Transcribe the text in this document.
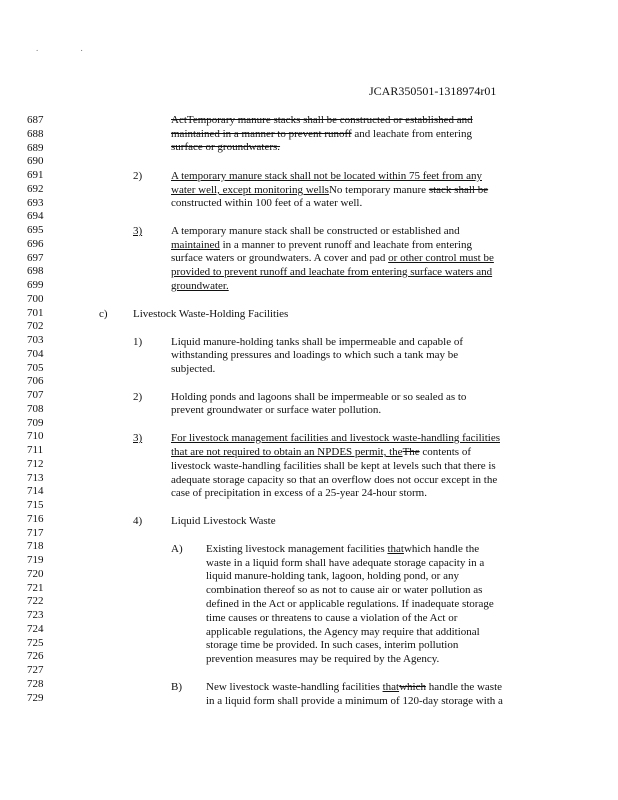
. .
JCAR350501-1318974r01
687
688
689
690
691
692
693
694
695
696
697
698
699
700
701
702
703
704
705
706
707
708
709
710
711
712
713
714
715
716
717
718
719
720
721
722
723
724
725
726
727
728
729
ActTemporary manure stacks shall be constructed or established and
maintained in a manner to prevent runoff and leachate from entering
surface or groundwaters.
2)	A temporary manure stack shall not be located within 75 feet from any
water well, except monitoring wellsNo temporary manure stack shall be
constructed within 100 feet of a water well.
3)	A temporary manure stack shall be constructed or established and
maintained in a manner to prevent runoff and leachate from entering
surface waters or groundwaters. A cover and pad or other control must be
provided to prevent runoff and leachate from entering surface waters and
groundwater.
c) Livestock Waste-Holding Facilities
1)	Liquid manure-holding tanks shall be impermeable and capable of
withstanding pressures and loadings to which such a tank may be
subjected.
2)	Holding ponds and lagoons shall be impermeable or so sealed as to
prevent groundwater or surface water pollution.
3)	For livestock management facilities and livestock waste-handling facilities
that are not required to obtain an NPDES permit, theThe contents of
livestock waste-handling facilities shall be kept at levels such that there is
adequate storage capacity so that an overflow does not occur except in the
case of precipitation in excess of a 25-year 24-hour storm.
4)	Liquid Livestock Waste
A) Existing livestock management facilities thatwhich handle the
waste in a liquid form shall have adequate storage capacity in a
liquid manure-holding tank, lagoon, holding pond, or any
combination thereof so as not to cause air or water pollution as
defined in the Act or applicable regulations. If inadequate storage
time causes or threatens to cause a violation of the Act or
applicable regulations, the Agency may require that additional
storage time be provided. In such cases, interim pollution
prevention measures may be required by the Agency.
B) New livestock waste-handling facilities thatwhich handle the waste
in a liquid form shall provide a minimum of 120-day storage with a
